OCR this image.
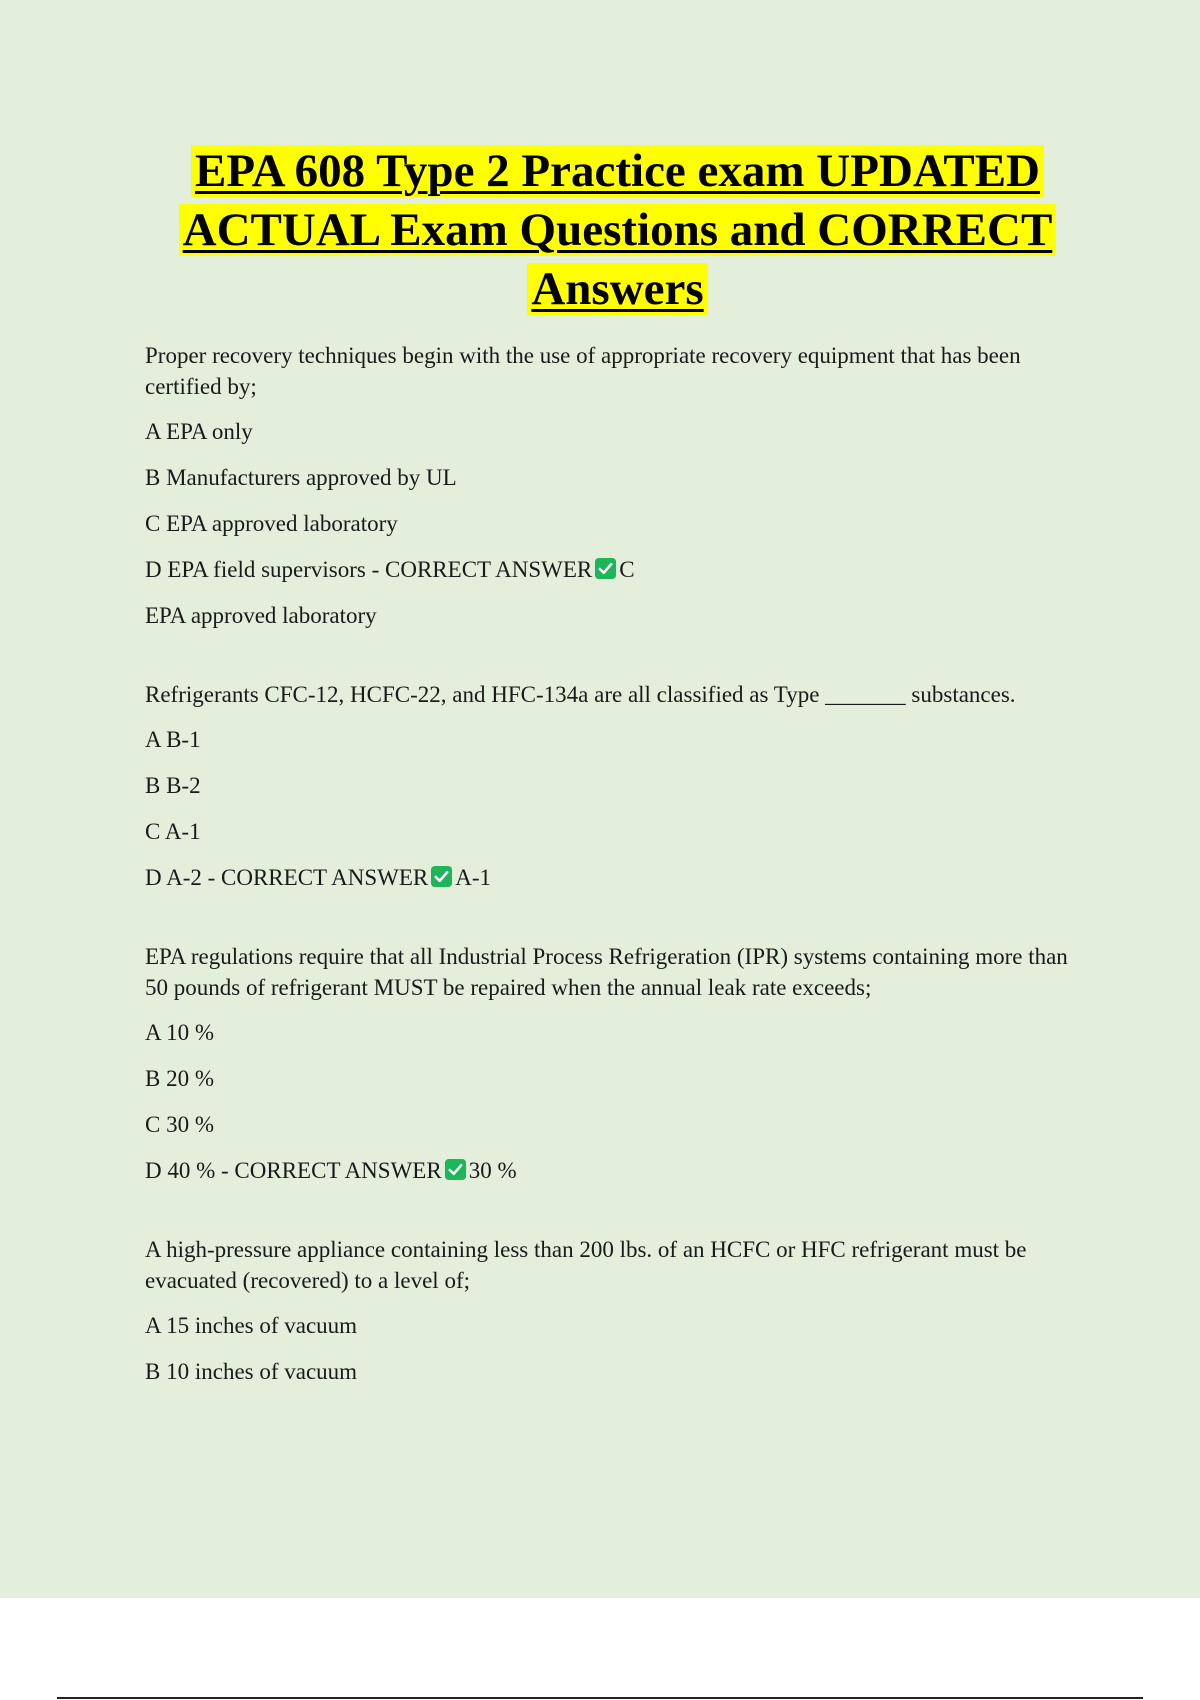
EPA 608 Type 2 Practice exam UPDATED ACTUAL Exam Questions and CORRECT Answers

Proper recovery techniques begin with the use of appropriate recovery equipment that has been certified by;

A EPA only

B Manufacturers approved by UL

C EPA approved laboratory

D EPA field supervisors - CORRECT ANSWER C

EPA approved laboratory

Refrigerants CFC-12, HCFC-22, and HFC-134a are all classified as Type _______ substances.

A B-1

B B-2

C A-1

D A-2 - CORRECT ANSWER A-1

EPA regulations require that all Industrial Process Refrigeration (IPR) systems containing more than 50 pounds of refrigerant MUST be repaired when the annual leak rate exceeds;

A 10 %

B 20 %

C 30 %

D 40 % - CORRECT ANSWER 30 %

A high-pressure appliance containing less than 200 lbs. of an HCFC or HFC refrigerant must be evacuated (recovered) to a level of;

A 15 inches of vacuum

B 10 inches of vacuum
